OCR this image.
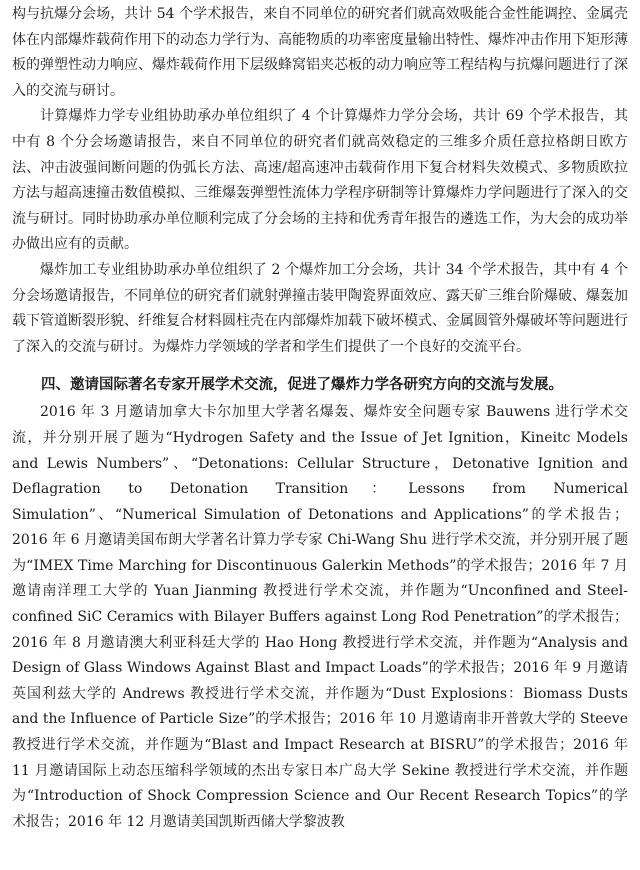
构与抗爆分会场，共计 54 个学术报告，来自不同单位的研究者们就高效吸能合金性能调控、金属壳体在内部爆炸载荷作用下的动态力学行为、高能物质的功率密度量输出特性、爆炸冲击作用下矩形薄板的弹塑性动力响应、爆炸载荷作用下层级蜂窝铝夹芯板的动力响应等工程结构与抗爆问题进行了深入的交流与研讨。

计算爆炸力学专业组协助承办单位组织了 4 个计算爆炸力学分会场，共计 69 个学术报告，其中有 8 个分会场邀请报告，来自不同单位的研究者们就高效稳定的三维多介质任意拉格朗日欧方法、冲击波强间断问题的伪弧长方法、高速/超高速冲击载荷作用下复合材料失效模式、多物质欧拉方法与超高速撞击数值模拟、三维爆轰弹塑性流体力学程序研制等计算爆炸力学问题进行了深入的交流与研讨。同时协助承办单位顺利完成了分会场的主持和优秀青年报告的遴选工作，为大会的成功举办做出应有的贡献。

爆炸加工专业组协助承办单位组织了 2 个爆炸加工分会场，共计 34 个学术报告，其中有 4 个分会场邀请报告，不同单位的研究者们就射弹撞击装甲陶瓷界面效应、露天矿三维台阶爆破、爆轰加载下管道断裂形貌、纤维复合材料圆柱壳在内部爆炸加载下破坏模式、金属圆管外爆破坏等问题进行了深入的交流与研讨。为爆炸力学领域的学者和学生们提供了一个良好的交流平台。

四、邀请国际著名专家开展学术交流，促进了爆炸力学各研究方向的交流与发展。

2016 年 3 月邀请加拿大卡尔加里大学著名爆轰、爆炸安全问题专家 Bauwens 进行学术交流，并分别开展了题为“Hydrogen Safety and the Issue of Jet Ignition，Kineitc Models and Lewis Numbers”、“Detonations: Cellular Structure，Detonative Ignition and Deflagration to Detonation Transition：Lessons from Numerical Simulation”、“Numerical Simulation of Detonations and Applications”的学术报告；2016 年 6 月邀请美国布朗大学著名计算力学专家 Chi-Wang Shu 进行学术交流，并分别开展了题为“IMEX Time Marching for Discontinuous Galerkin Methods”的学术报告；2016 年 7 月邀请南洋理工大学的 Yuan Jianming 教授进行学术交流，并作题为“Unconfined and Steel-confined SiC Ceramics with Bilayer Buffers against Long Rod Penetration”的学术报告；2016 年 8 月邀请澳大利亚科廷大学的 Hao Hong 教授进行学术交流，并作题为“Analysis and Design of Glass Windows Against Blast and Impact Loads”的学术报告；2016 年 9 月邀请英国利兹大学的 Andrews 教授进行学术交流，并作题为“Dust Explosions：Biomass Dusts and the Influence of Particle Size”的学术报告；2016 年 10 月邀请南非开普敦大学的 Steeve 教授进行学术交流，并作题为“Blast and Impact Research at BISRU”的学术报告；2016 年 11 月邀请国际上动态压缩科学领域的杰出专家日本广岛大学 Sekine 教授进行学术交流，并作题为“Introduction of Shock Compression Science and Our Recent Research Topics”的学术报告；2016 年 12 月邀请美国凯斯西储大学黎波教
